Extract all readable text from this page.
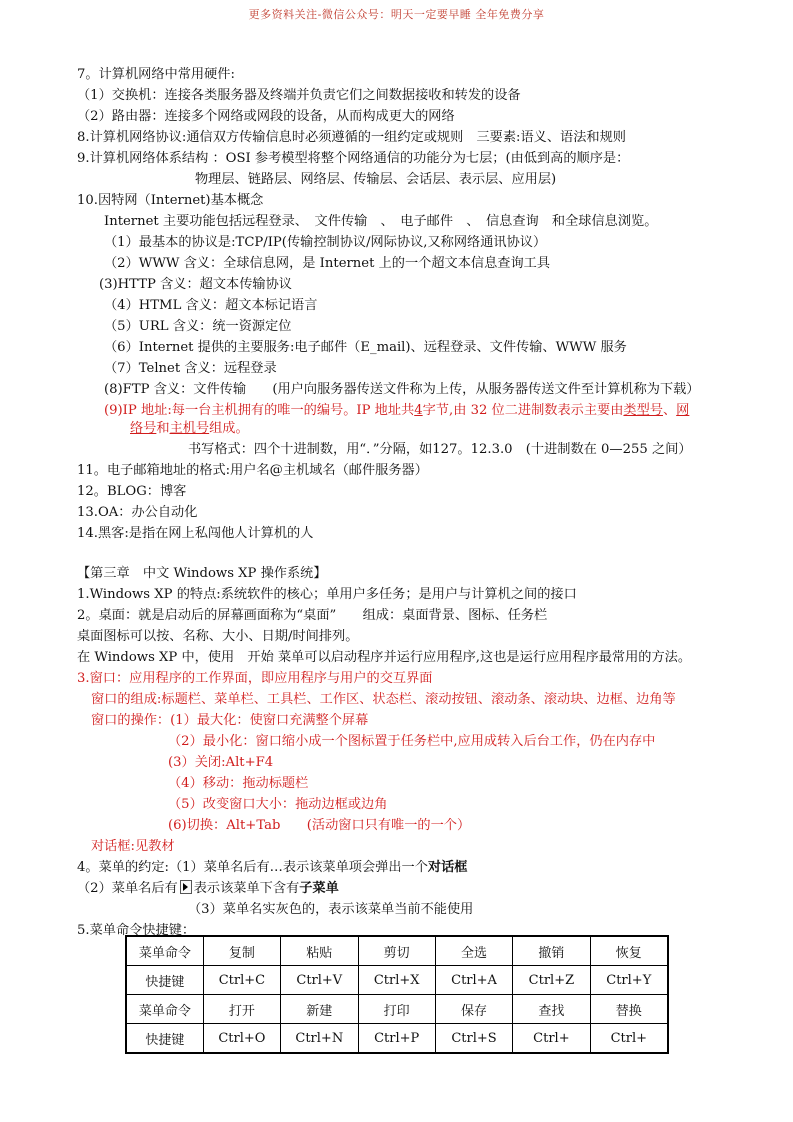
更多资料关注-微信公众号：明天一定要早睡 全年免费分享
7。计算机网络中常用硬件:
（1）交换机：连接各类服务器及终端并负责它们之间数据接收和转发的设备
（2）路由器：连接多个网络或网段的设备，从而构成更大的网络
8.计算机网络协议:通信双方传输信息时必须遵循的一组约定或规则　三要素:语义、语法和规则
9.计算机网络体系结构 ：OSI 参考模型将整个网络通信的功能分为七层；(由低到高的顺序是：
物理层、链路层、网络层、传输层、会话层、表示层、应用层)
10.因特网（Internet)基本概念
Internet 主要功能包括远程登录、　文件传输　、　电子邮件　、　信息查询　和全球信息浏览。
（1）最基本的协议是:TCP/IP(传输控制协议/网际协议,又称网络通讯协议）
（2）WWW 含义：全球信息网，是 Internet 上的一个超文本信息查询工具
(3)HTTP 含义：超文本传输协议
（4）HTML 含义：超文本标记语言
（5）URL 含义：统一资源定位
（6）Internet 提供的主要服务:电子邮件（E_mail)、远程登录、文件传输、WWW 服务
（7）Telnet 含义：远程登录
(8)FTP 含义：文件传输　　(用户向服务器传送文件称为上传，从服务器传送文件至计算机称为下载）
(9)IP 地址:每一台主机拥有的唯一的编号。IP 地址共4字节,由 32 位二进制数表示主要由类型号、网
络号和主机号组成。
书写格式：四个十进制数，用“．”分隔，如127。12.3.0　(十进制数在 0—255 之间）
11。电子邮箱地址的格式:用户名@主机域名（邮件服务器）
12。BLOG：博客
13.OA：办公自动化
14.黑客:是指在网上私闯他人计算机的人
【第三章　中文 Windows XP 操作系统】
1.Windows XP 的特点:系统软件的核心；单用户多任务；是用户与计算机之间的接口
2。桌面：就是启动后的屏幕画面称为“桌面”　　组成：桌面背景、图标、任务栏
桌面图标可以按、名称、大小、日期/时间排列。
在 Windows XP 中，使用　开始 菜单可以启动程序并运行应用程序,这也是运行应用程序最常用的方法。
3.窗口：应用程序的工作界面，即应用程序与用户的交互界面
窗口的组成:标题栏、菜单栏、工具栏、工作区、状态栏、滚动按钮、滚动条、滚动块、边框、边角等
窗口的操作：(1）最大化：使窗口充满整个屏幕
（2）最小化：窗口缩小成一个图标置于任务栏中,应用成转入后台工作，仍在内存中
(3）关闭:Alt+F4
（4）移动：拖动标题栏
（5）改变窗口大小：拖动边框或边角
(6)切换：Alt+Tab　　(活动窗口只有唯一的一个）
对话框:见教材
4。菜单的约定:（1）菜单名后有…表示该菜单项会弹出一个对话框
（2）菜单名后有 表示该菜单下含有子菜单
（3）菜单名实灰色的，表示该菜单当前不能使用
5.菜单命令快捷键：
菜单命令	复制	粘贴	剪切	全选	撤销	恢复
快捷键	Ctrl+C	Ctrl+V	Ctrl+X	Ctrl+A	Ctrl+Z	Ctrl+Y
菜单命令	打开	新建	打印	保存	查找	替换
快捷键	Ctrl+O	Ctrl+N	Ctrl+P	Ctrl+S	Ctrl+	Ctrl+
